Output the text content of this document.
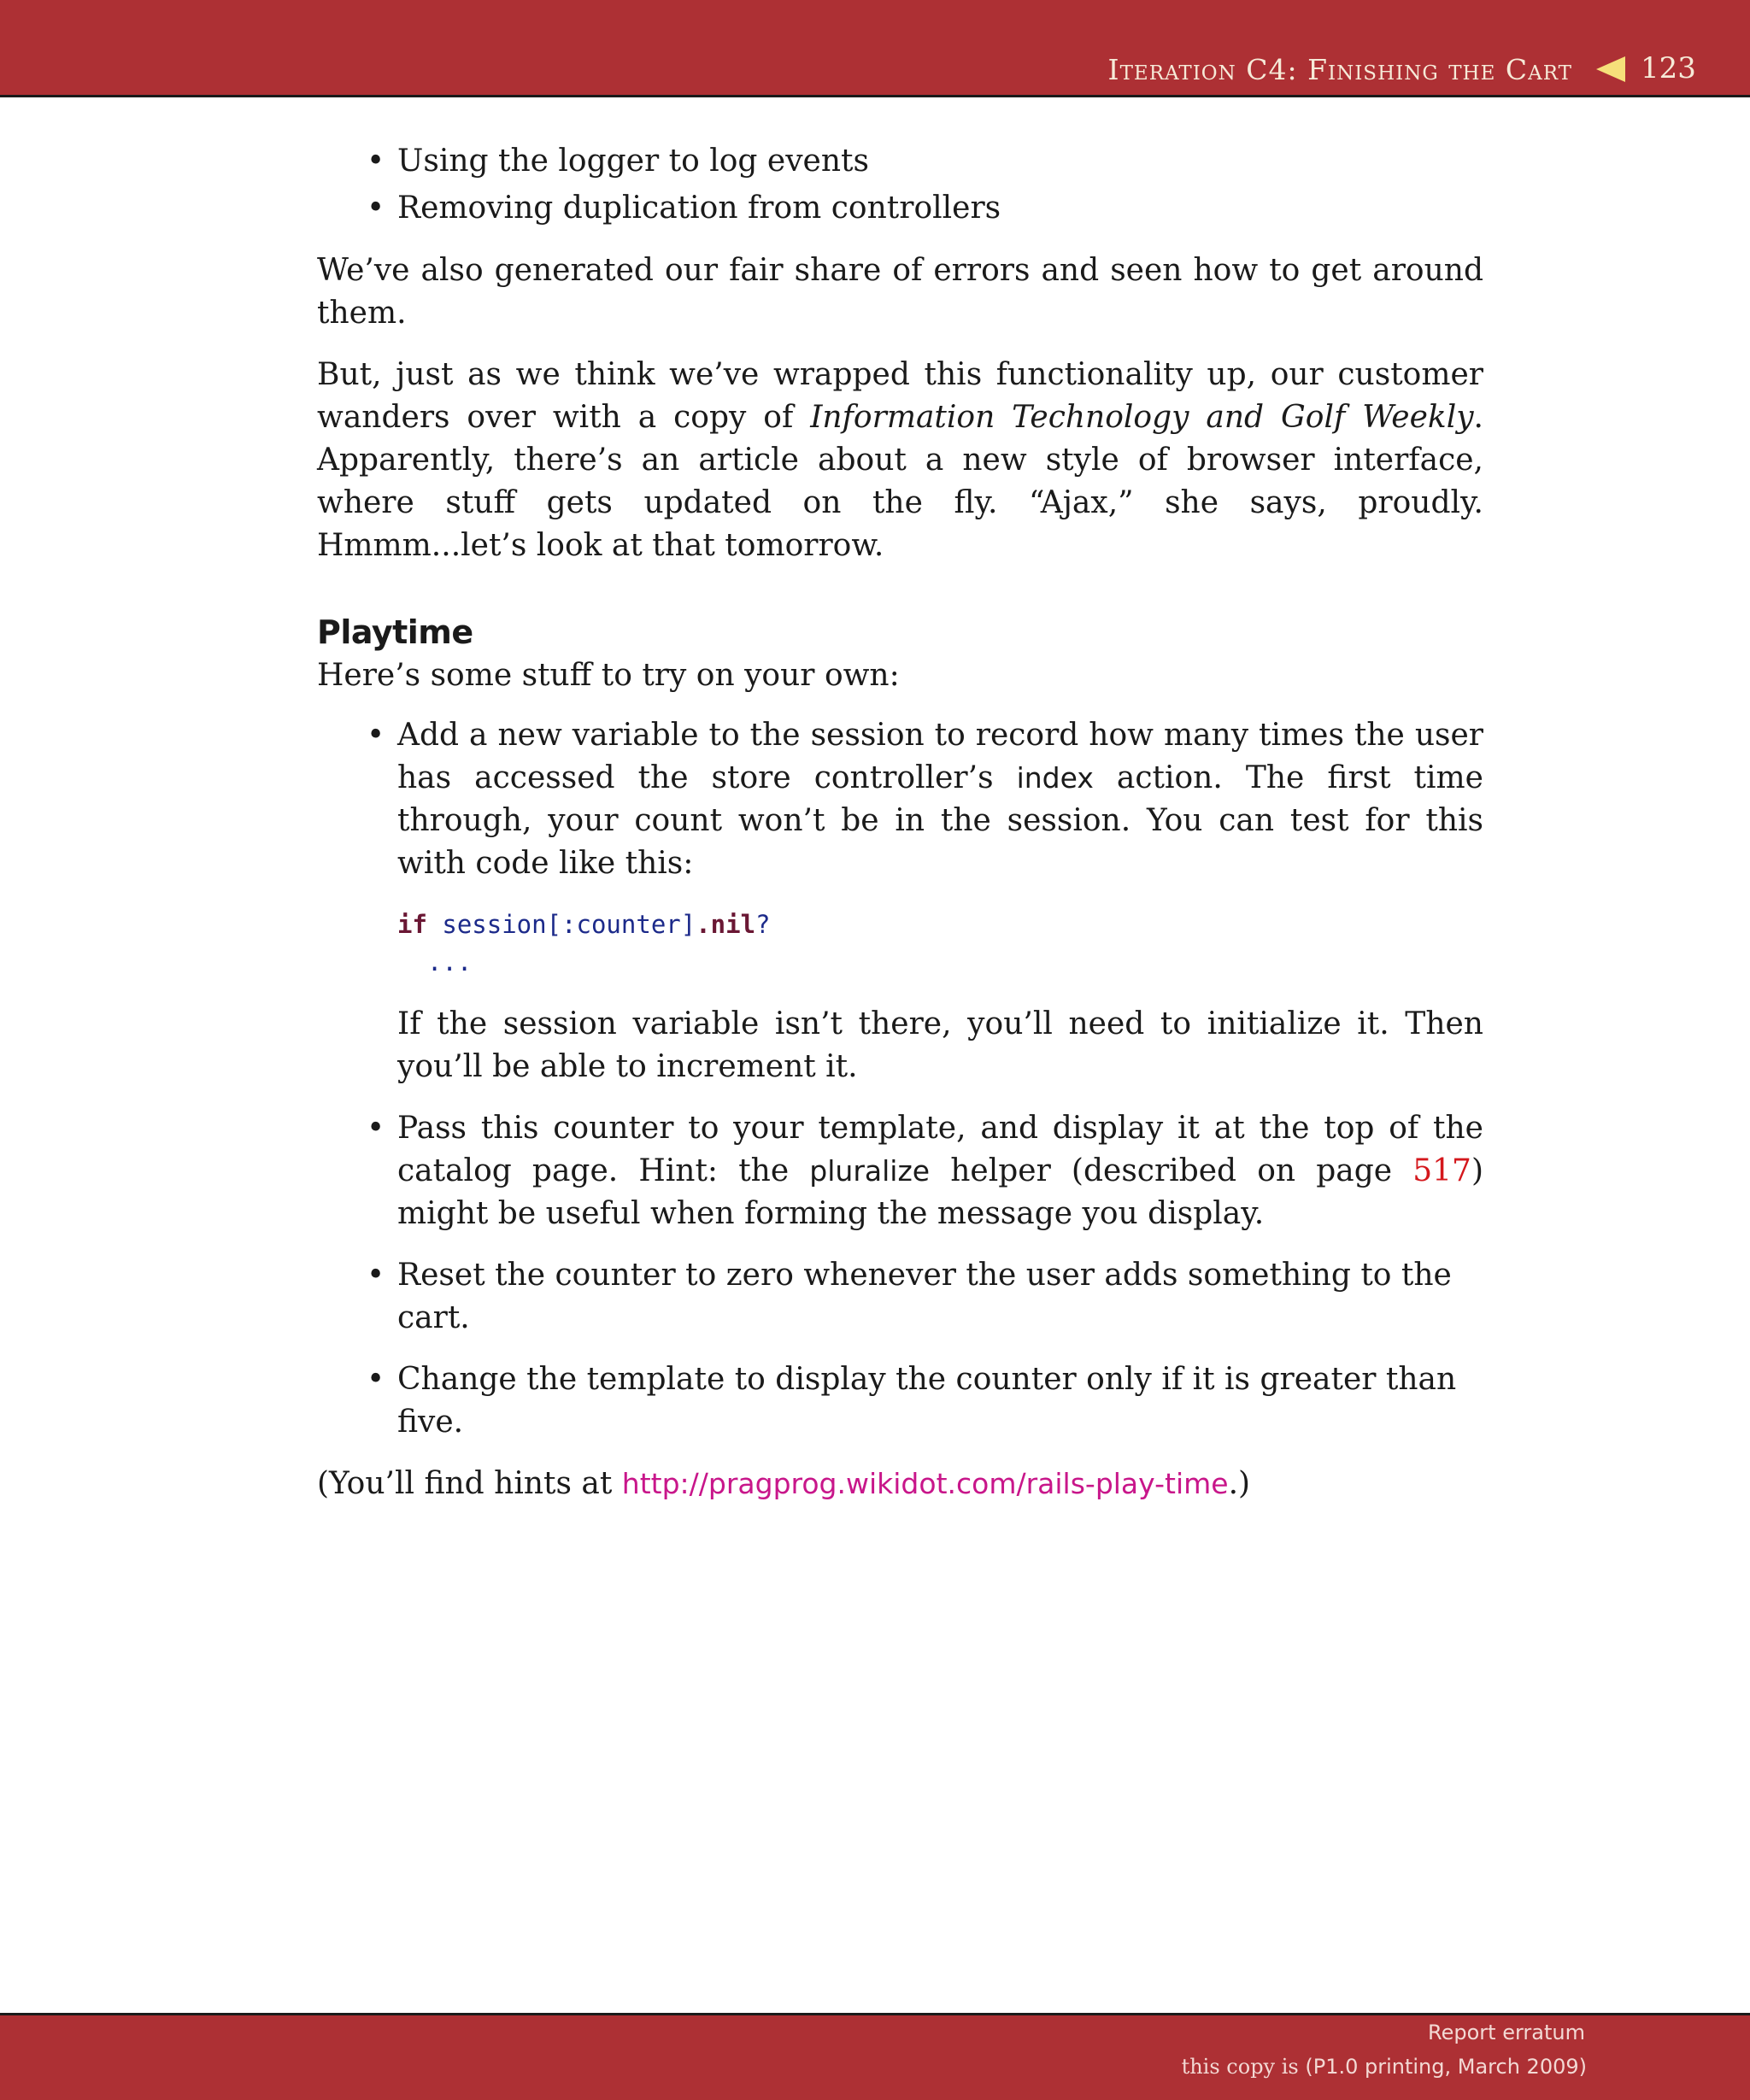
Iteration C4: Finishing the Cart 123
• Using the logger to log events
• Removing duplication from controllers

We’ve also generated our fair share of errors and seen how to get around them.

But, just as we think we’ve wrapped this functionality up, our customer wanders over with a copy of Information Technology and Golf Weekly. Apparently, there’s an article about a new style of browser interface, where stuff gets updated on the fly. “Ajax,” she says, proudly. Hmmm...let’s look at that tomorrow.

Playtime

Here’s some stuff to try on your own:

• Add a new variable to the session to record how many times the user has accessed the store controller’s index action. The first time through, your count won’t be in the session. You can test for this with code like this:

if session[:counter].nil?
...

If the session variable isn’t there, you’ll need to initialize it. Then you’ll be able to increment it.

• Pass this counter to your template, and display it at the top of the catalog page. Hint: the pluralize helper (described on page 517) might be useful when forming the message you display.

• Reset the counter to zero whenever the user adds something to the cart.
• Change the template to display the counter only if it is greater than five.

(You’ll find hints at http://pragprog.wikidot.com/rails-play-time.)

Report erratum
this copy is (P1.0 printing, March 2009)
